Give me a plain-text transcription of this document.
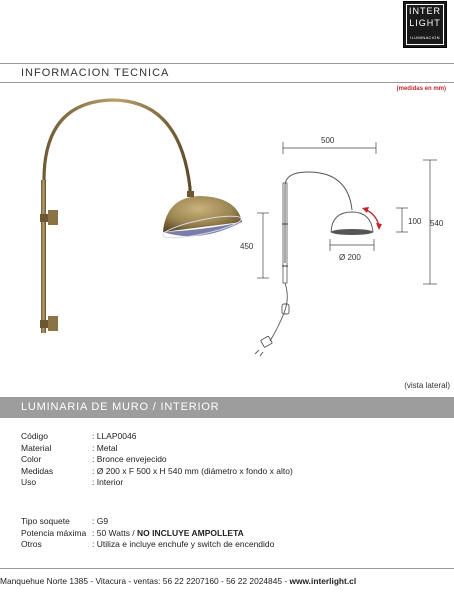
INTER
LIGHT
ILUMINACION
INFORMACION TECNICA
(medidas en mm)
500
540
100
450
Ø 200
(vista lateral)
LUMINARIA DE MURO / INTERIOR
Código	: LLAP0046
Material	: Metal
Color	: Bronce envejecido
Medidas	: Ø 200 x F 500 x H 540 mm (diámetro x fondo x alto)
Uso	: Interior
Tipo soquete	: G9
Potencia máxima : 50 Watts / NO INCLUYE AMPOLLETA
Otros	: Utiliza e incluye enchufe y switch de encendido
Manquehue Norte 1385 - Vitacura - ventas: 56 22 2207160 - 56 22 2024845 - www.interlight.cl
